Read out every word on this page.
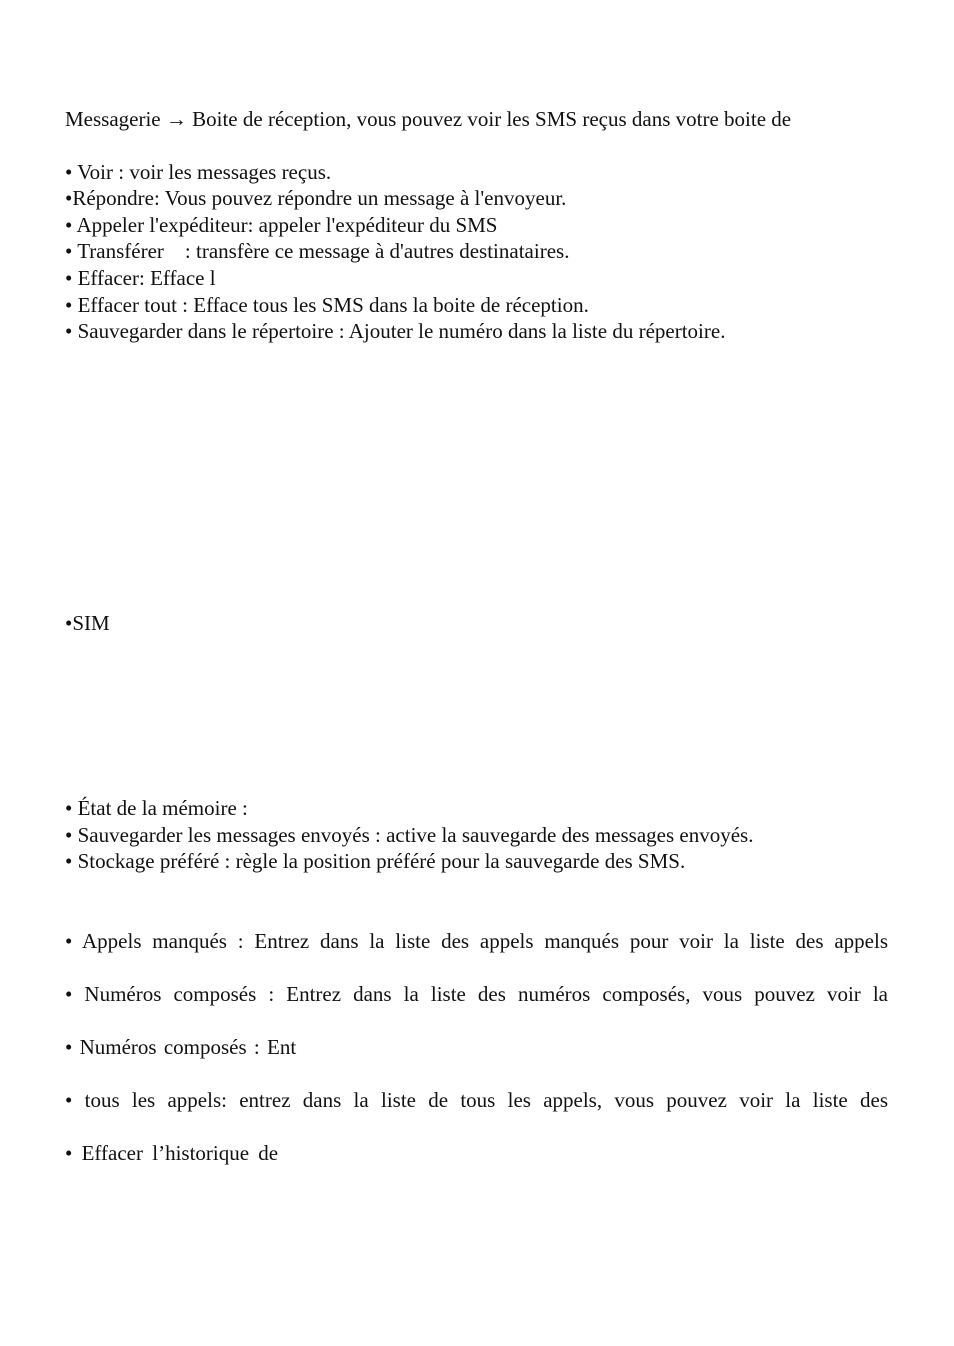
Messagerie → Boite de réception, vous pouvez voir les SMS reçus dans votre boite de
• Voir : voir les messages reçus.
•Répondre: Vous pouvez répondre un message à l'envoyeur.
• Appeler l'expéditeur: appeler l'expéditeur du SMS
• Transférer    : transfère ce message à d'autres destinataires.
• Effacer: Efface l
• Effacer tout : Efface tous les SMS dans la boite de réception.
• Sauvegarder dans le répertoire : Ajouter le numéro dans la liste du répertoire.
•SIM
• État de la mémoire :
• Sauvegarder les messages envoyés : active la sauvegarde des messages envoyés.
• Stockage préféré : règle la position préféré pour la sauvegarde des SMS.
• Appels manqués : Entrez dans la liste des appels manqués pour voir la liste des appels
• Numéros composés : Entrez dans la liste des numéros composés, vous pouvez voir la
• Numéros composés : Ent
• tous les appels: entrez dans la liste de tous les appels, vous pouvez voir la liste des
• Effacer l’historique de
